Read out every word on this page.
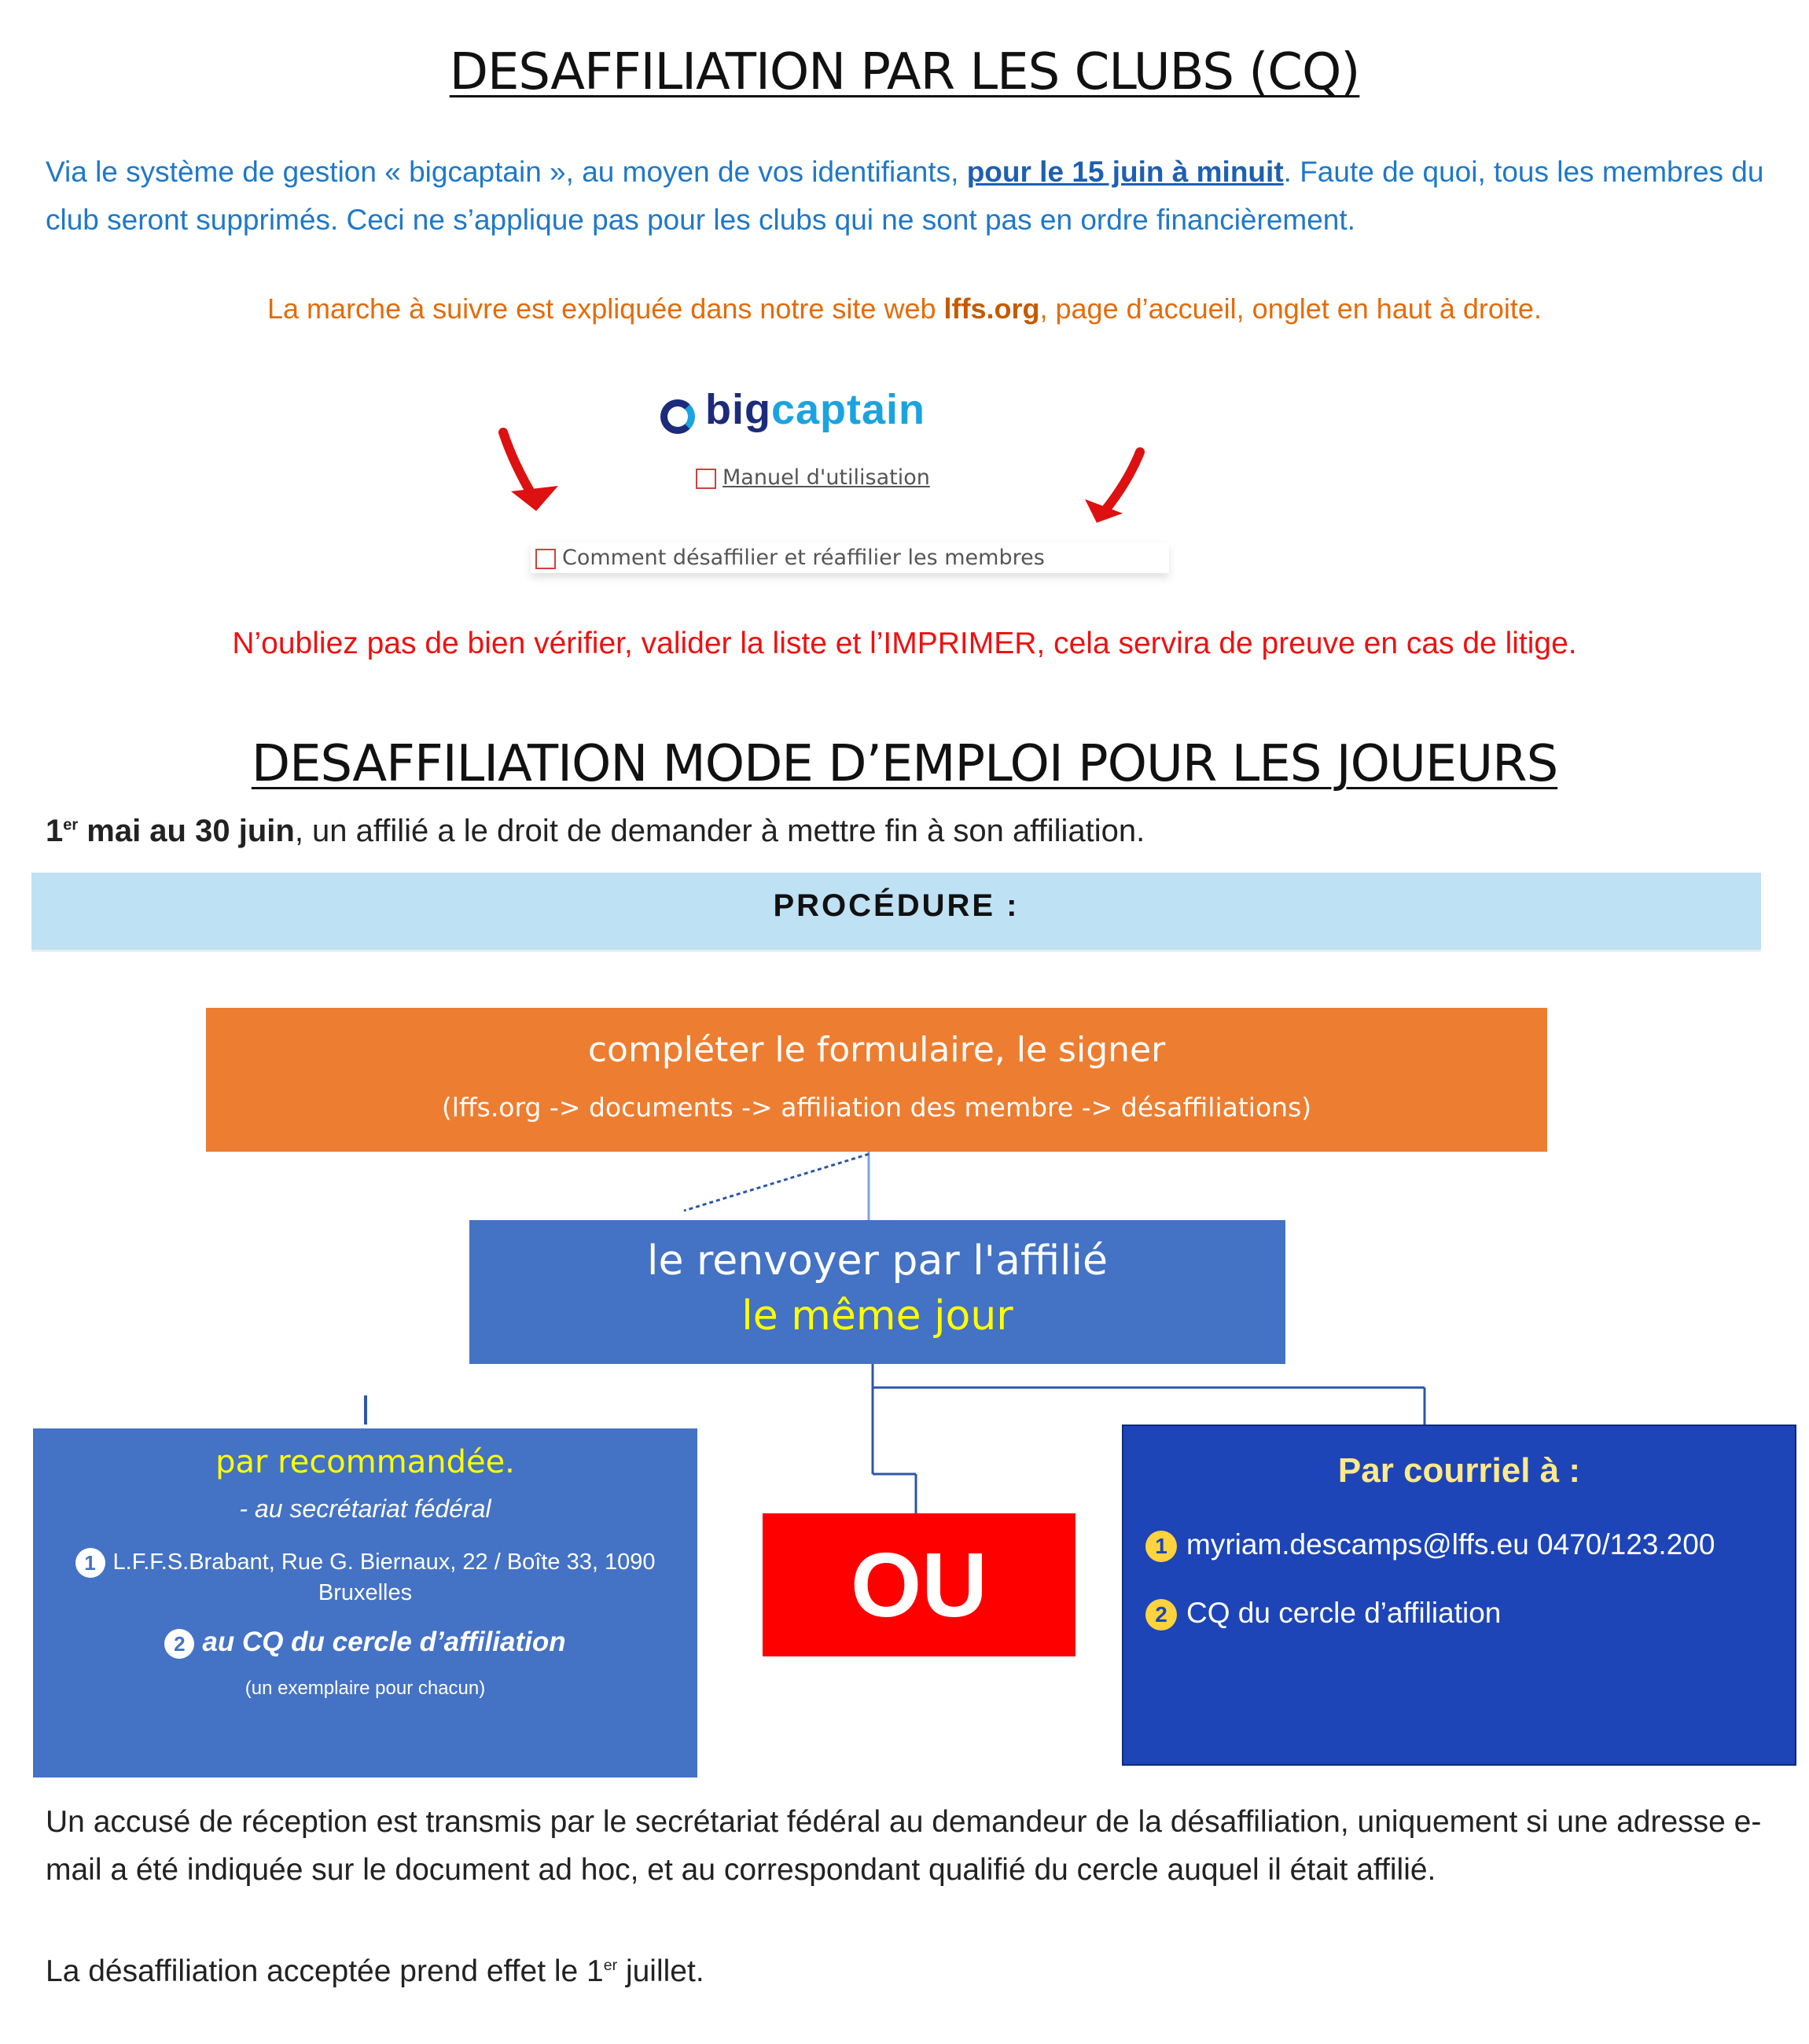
DESAFFILIATION PAR LES CLUBS (CQ)
Via le système de gestion « bigcaptain », au moyen de vos identifiants, pour le 15 juin à minuit. Faute de quoi, tous les membres du club seront supprimés. Ceci ne s’applique pas pour les clubs qui ne sont pas en ordre financièrement.
La marche à suivre est expliquée dans notre site web lffs.org, page d’accueil, onglet en haut à droite.
bigcaptain
Manuel d'utilisation
Comment désaffilier et réaffilier les membres
N’oubliez pas de bien vérifier, valider la liste et l’IMPRIMER, cela servira de preuve en cas de litige.
DESAFFILIATION MODE D’EMPLOI POUR LES JOUEURS
1er mai au 30 juin, un affilié a le droit de demander à mettre fin à son affiliation.
PROCÉDURE :
compléter le formulaire, le signer
(lffs.org -> documents -> affiliation des membre -> désaffiliations)
le renvoyer par l'affilié
le même jour
par recommandée.
- au secrétariat fédéral
1 L.F.F.S.Brabant, Rue G. Biernaux, 22 / Boîte 33, 1090 Bruxelles
2 au CQ du cercle d’affiliation
(un exemplaire pour chacun)
OU
Par courriel à :
1 myriam.descamps@lffs.eu 0470/123.200
2 CQ du cercle d’affiliation
Un accusé de réception est transmis par le secrétariat fédéral au demandeur de la désaffiliation, uniquement si une adresse e-mail a été indiquée sur le document ad hoc, et au correspondant qualifié du cercle auquel il était affilié.
La désaffiliation acceptée prend effet le 1er juillet.
